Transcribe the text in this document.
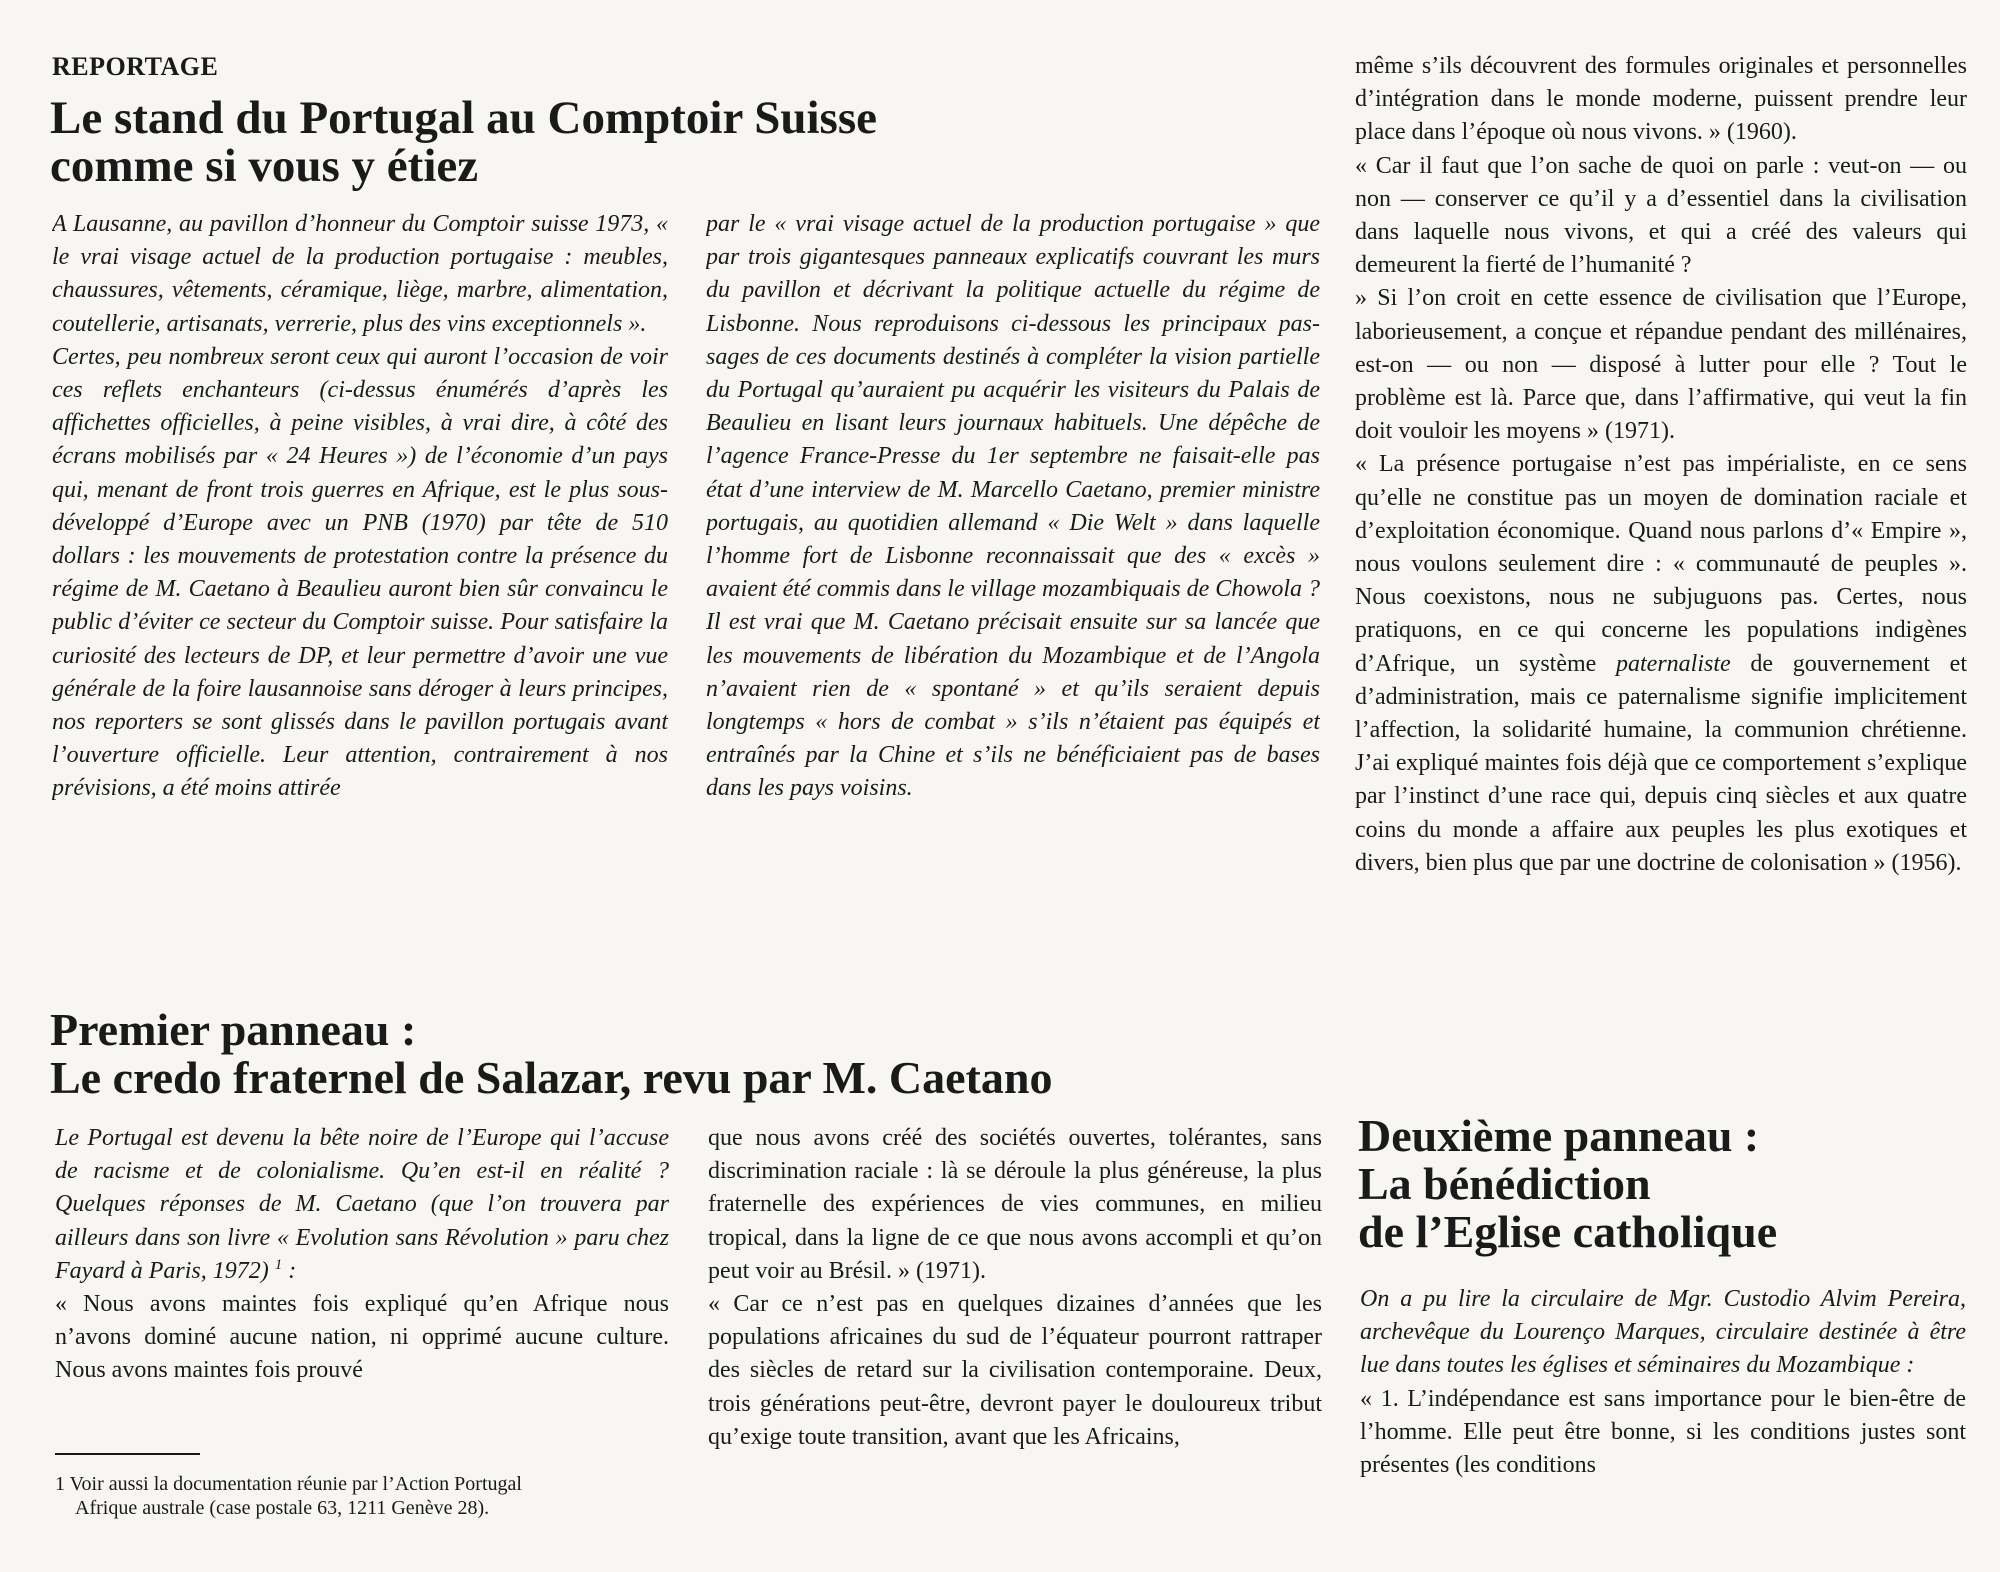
REPORTAGE
Le stand du Portugal au Comptoir Suisse
comme si vous y étiez

A Lausanne, au pavillon d’honneur du Comptoir suisse 1973, « le vrai visage actuel de la production portugaise : meubles, chaussures, vêtements, céramique, liège, marbre, alimentation, coutellerie, artisanats, verrerie, plus des vins exceptionnels ».

Certes, peu nombreux seront ceux qui auront l’occasion de voir ces reflets enchanteurs (ci-dessus énumérés d’après les affichettes officielles, à peine visibles, à vrai dire, à côté des écrans mobilisés par « 24 Heures ») de l’économie d’un pays qui, menant de front trois guerres en Afrique, est le plus sous-développé d’Europe avec un PNB (1970) par tête de 510 dollars : les mouvements de protestation contre la présence du régime de M. Caetano à Beaulieu auront bien sûr convaincu le public d’éviter ce secteur du Comptoir suisse. Pour satisfaire la curiosité des lecteurs de DP, et leur permettre d’avoir une vue générale de la foire lausannoise sans déroger à leurs principes, nos reporters se sont glissés dans le pavillon portugais avant l’ouverture officielle. Leur attention, contrairement à nos prévisions, a été moins attirée

par le « vrai visage actuel de la production portugaise » que par trois gigantesques panneaux explicatifs couvrant les murs du pavillon et décrivant la politique actuelle du régime de Lisbonne. Nous reproduisons ci-dessous les principaux passages de ces documents destinés à compléter la vision partielle du Portugal qu’auraient pu acquérir les visiteurs du Palais de Beaulieu en lisant leurs journaux habituels. Une dépêche de l’agence France-Presse du 1er septembre ne faisait-elle pas état d’une interview de M. Marcello Caetano, premier ministre portugais, au quotidien allemand « Die Welt » dans laquelle l’homme fort de Lisbonne reconnaissait que des « excès » avaient été commis dans le village mozambiquais de Chowola ? Il est vrai que M. Caetano précisait ensuite sur sa lancée que les mouvements de libération du Mozambique et de l’Angola n’avaient rien de « spontané » et qu’ils seraient depuis longtemps « hors de combat » s’ils n’étaient pas équipés et entraînés par la Chine et s’ils ne bénéficiaient pas de bases dans les pays voisins.

même s’ils découvrent des formules originales et personnelles d’intégration dans le monde moderne, puissent prendre leur place dans l’époque où nous vivons. » (1960).

« Car il faut que l’on sache de quoi on parle : veut-on — ou non — conserver ce qu’il y a d’essentiel dans la civilisation dans laquelle nous vivons, et qui a créé des valeurs qui demeurent la fierté de l’humanité ?

» Si l’on croit en cette essence de civilisation que l’Europe, laborieusement, a conçue et répandue pendant des millénaires, est-on — ou non — disposé à lutter pour elle ? Tout le problème est là. Parce que, dans l’affirmative, qui veut la fin doit vouloir les moyens » (1971).

« La présence portugaise n’est pas impérialiste, en ce sens qu’elle ne constitue pas un moyen de domination raciale et d’exploitation économique. Quand nous parlons d’« Empire », nous voulons seulement dire : « communauté de peuples ». Nous coexistons, nous ne subjuguons pas. Certes, nous pratiquons, en ce qui concerne les populations indigènes d’Afrique, un système paternaliste de gouvernement et d’administration, mais ce paternalisme signifie implicitement l’affection, la solidarité humaine, la communion chrétienne. J’ai expliqué maintes fois déjà que ce comportement s’explique par l’instinct d’une race qui, depuis cinq siècles et aux quatre coins du monde a affaire aux peuples les plus exotiques et divers, bien plus que par une doctrine de colonisation » (1956).

Premier panneau :
Le credo fraternel de Salazar, revu par M. Caetano

Le Portugal est devenu la bête noire de l’Europe qui l’accuse de racisme et de colonialisme. Qu’en est-il en réalité ? Quelques réponses de M. Caetano (que l’on trouvera par ailleurs dans son livre « Evolution sans Révolution » paru chez Fayard à Paris, 1972) $^1$ :

« Nous avons maintes fois expliqué qu’en Afrique nous n’avons dominé aucune nation, ni opprimé aucune culture. Nous avons maintes fois prouvé

1 Voir aussi la documentation réunie par l’Action Portugal
Afrique australe (case postale 63, 1211 Genève 28).

que nous avons créé des sociétés ouvertes, tolérantes, sans discrimination raciale : là se déroule la plus généreuse, la plus fraternelle des expériences de vies communes, en milieu tropical, dans la ligne de ce que nous avons accompli et qu’on peut voir au Brésil. » (1971).

« Car ce n’est pas en quelques dizaines d’années que les populations africaines du sud de l’équateur pourront rattraper des siècles de retard sur la civilisation contemporaine. Deux, trois générations peut-être, devront payer le douloureux tribut qu’exige toute transition, avant que les Africains,

Deuxième panneau :
La bénédiction
de l’Eglise catholique

On a pu lire la circulaire de Mgr. Custodio Alvim Pereira, archevêque du Lourenço Marques, circulaire destinée à être lue dans toutes les églises et séminaires du Mozambique :

« 1. L’indépendance est sans importance pour le bien-être de l’homme. Elle peut être bonne, si les conditions justes sont présentes (les conditions
